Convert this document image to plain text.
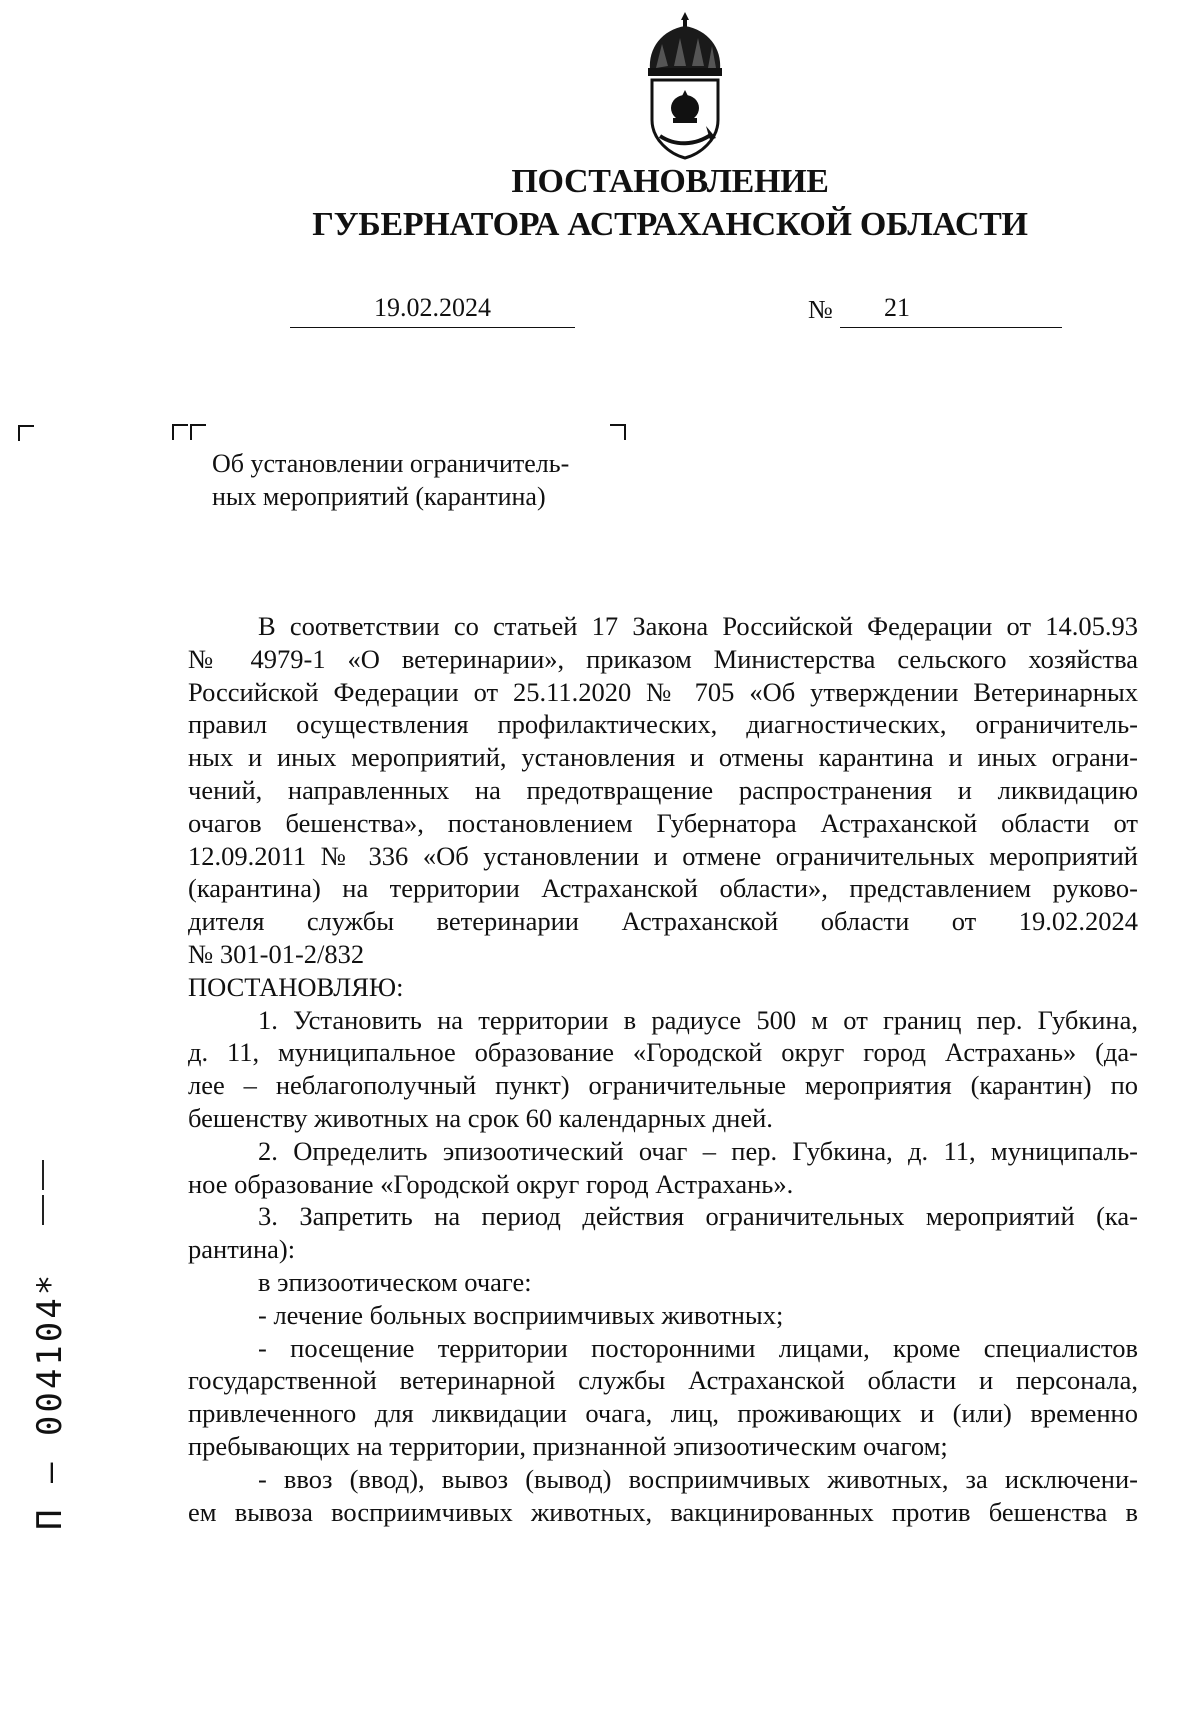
ПОСТАНОВЛЕНИЕ
ГУБЕРНАТОРА АСТРАХАНСКОЙ ОБЛАСТИ
19.02.2024	№	21
Об установлении ограничитель-
ных мероприятий (карантина)
В соответствии со статьей 17 Закона Российской Федерации от 14.05.93
№ 4979-1 «О ветеринарии», приказом Министерства сельского хозяйства
Российской Федерации от 25.11.2020 № 705 «Об утверждении Ветеринарных
правил осуществления профилактических, диагностических, ограничитель-
ных и иных мероприятий, установления и отмены карантина и иных ограни-
чений, направленных на предотвращение распространения и ликвидацию
очагов бешенства», постановлением Губернатора Астраханской области от
12.09.2011 № 336 «Об установлении и отмене ограничительных мероприятий
(карантина) на территории Астраханской области», представлением руково-
дителя службы ветеринарии Астраханской области от 19.02.2024
№ 301-01-2/832
ПОСТАНОВЛЯЮ:
1. Установить на территории в радиусе 500 м от границ пер. Губкина,
д. 11, муниципальное образование «Городской округ город Астрахань» (да-
лее – неблагополучный пункт) ограничительные мероприятия (карантин) по
бешенству животных на срок 60 календарных дней.
2. Определить эпизоотический очаг – пер. Губкина, д. 11, муниципаль-
ное образование «Городской округ город Астрахань».
3. Запретить на период действия ограничительных мероприятий (ка-
рантина):
в эпизоотическом очаге:
- лечение больных восприимчивых животных;
- посещение территории посторонними лицами, кроме специалистов
государственной ветеринарной службы Астраханской области и персонала,
привлеченного для ликвидации очага, лиц, проживающих и (или) временно
пребывающих на территории, признанной эпизоотическим очагом;
- ввоз (ввод), вывоз (вывод) восприимчивых животных, за исключени-
ем вывоза восприимчивых животных, вакцинированных против бешенства в
П – 004104*
